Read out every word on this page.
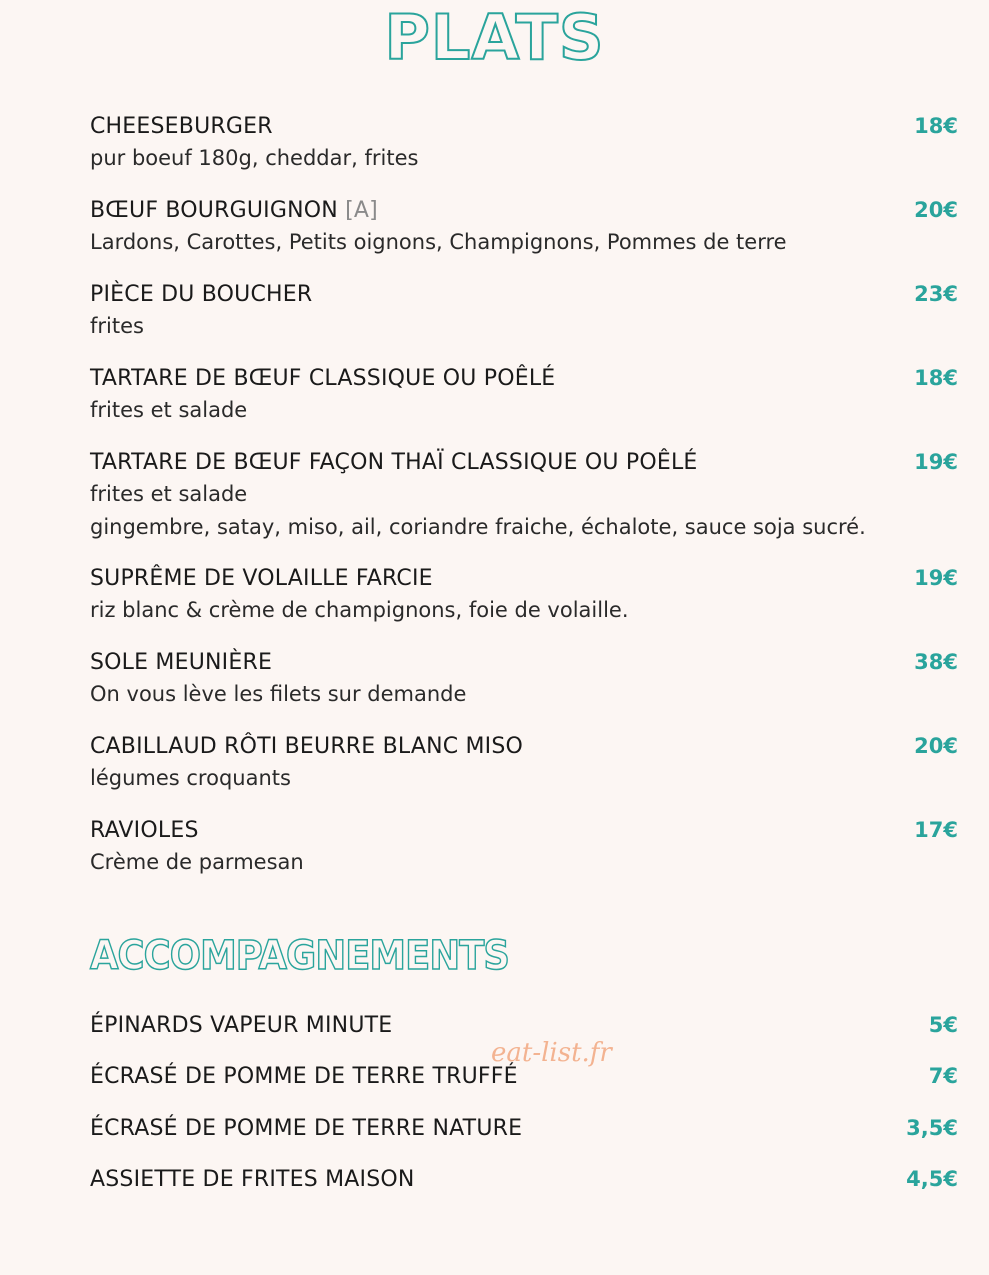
PLATS
CHEESEBURGER	18€
pur boeuf 180g, cheddar, frites
BŒUF BOURGUIGNON [A]	20€
Lardons, Carottes, Petits oignons, Champignons, Pommes de terre
PIÈCE DU BOUCHER	23€
frites
TARTARE DE BŒUF CLASSIQUE OU POÊLÉ	18€
frites et salade
TARTARE DE BŒUF FAÇON THAÏ CLASSIQUE OU POÊLÉ	19€
frites et salade
gingembre, satay, miso, ail, coriandre fraiche, échalote, sauce soja sucré.
SUPRÊME DE VOLAILLE FARCIE	19€
riz blanc & crème de champignons, foie de volaille.
SOLE MEUNIÈRE	38€
On vous lève les filets sur demande
CABILLAUD RÔTI BEURRE BLANC MISO	20€
légumes croquants
RAVIOLES	17€
Crème de parmesan
ACCOMPAGNEMENTS
ÉPINARDS VAPEUR MINUTE	5€
ÉCRASÉ DE POMME DE TERRE TRUFFÉ	7€
ÉCRASÉ DE POMME DE TERRE NATURE	3,5€
ASSIETTE DE FRITES MAISON	4,5€
eat-list.fr
